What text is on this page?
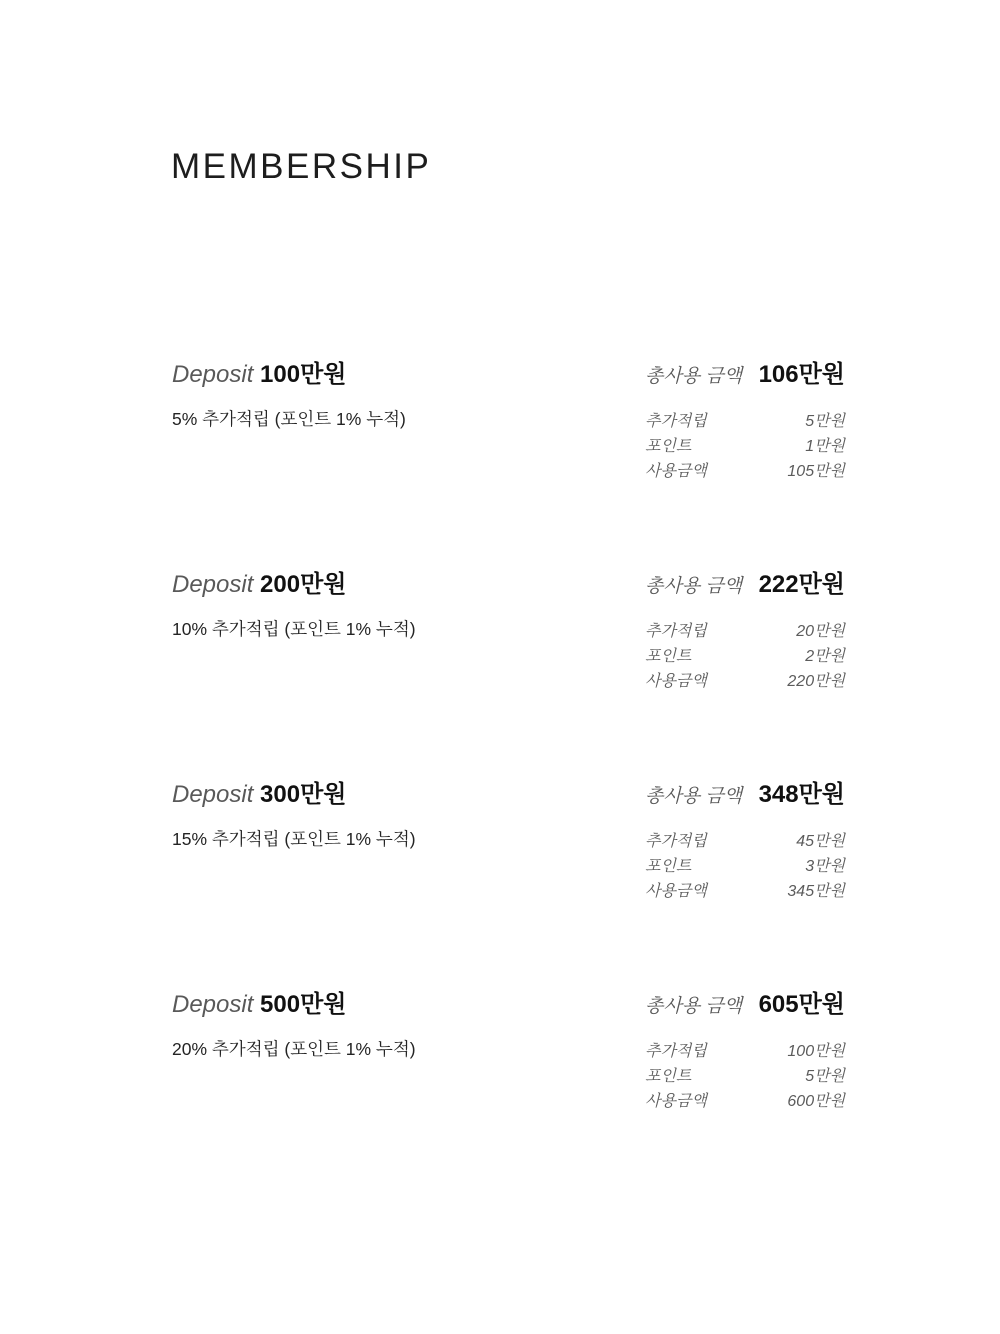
MEMBERSHIP
Deposit 100만원
5% 추가적립 (포인트 1% 누적)
총사용 금액 106만원
추가적립	5만원
포인트	1만원
사용금액	105만원
Deposit 200만원
10% 추가적립 (포인트 1% 누적)
총사용 금액 222만원
추가적립	20만원
포인트	2만원
사용금액	220만원
Deposit 300만원
15% 추가적립 (포인트 1% 누적)
총사용 금액 348만원
추가적립	45만원
포인트	3만원
사용금액	345만원
Deposit 500만원
20% 추가적립 (포인트 1% 누적)
총사용 금액 605만원
추가적립	100만원
포인트	5만원
사용금액	600만원
